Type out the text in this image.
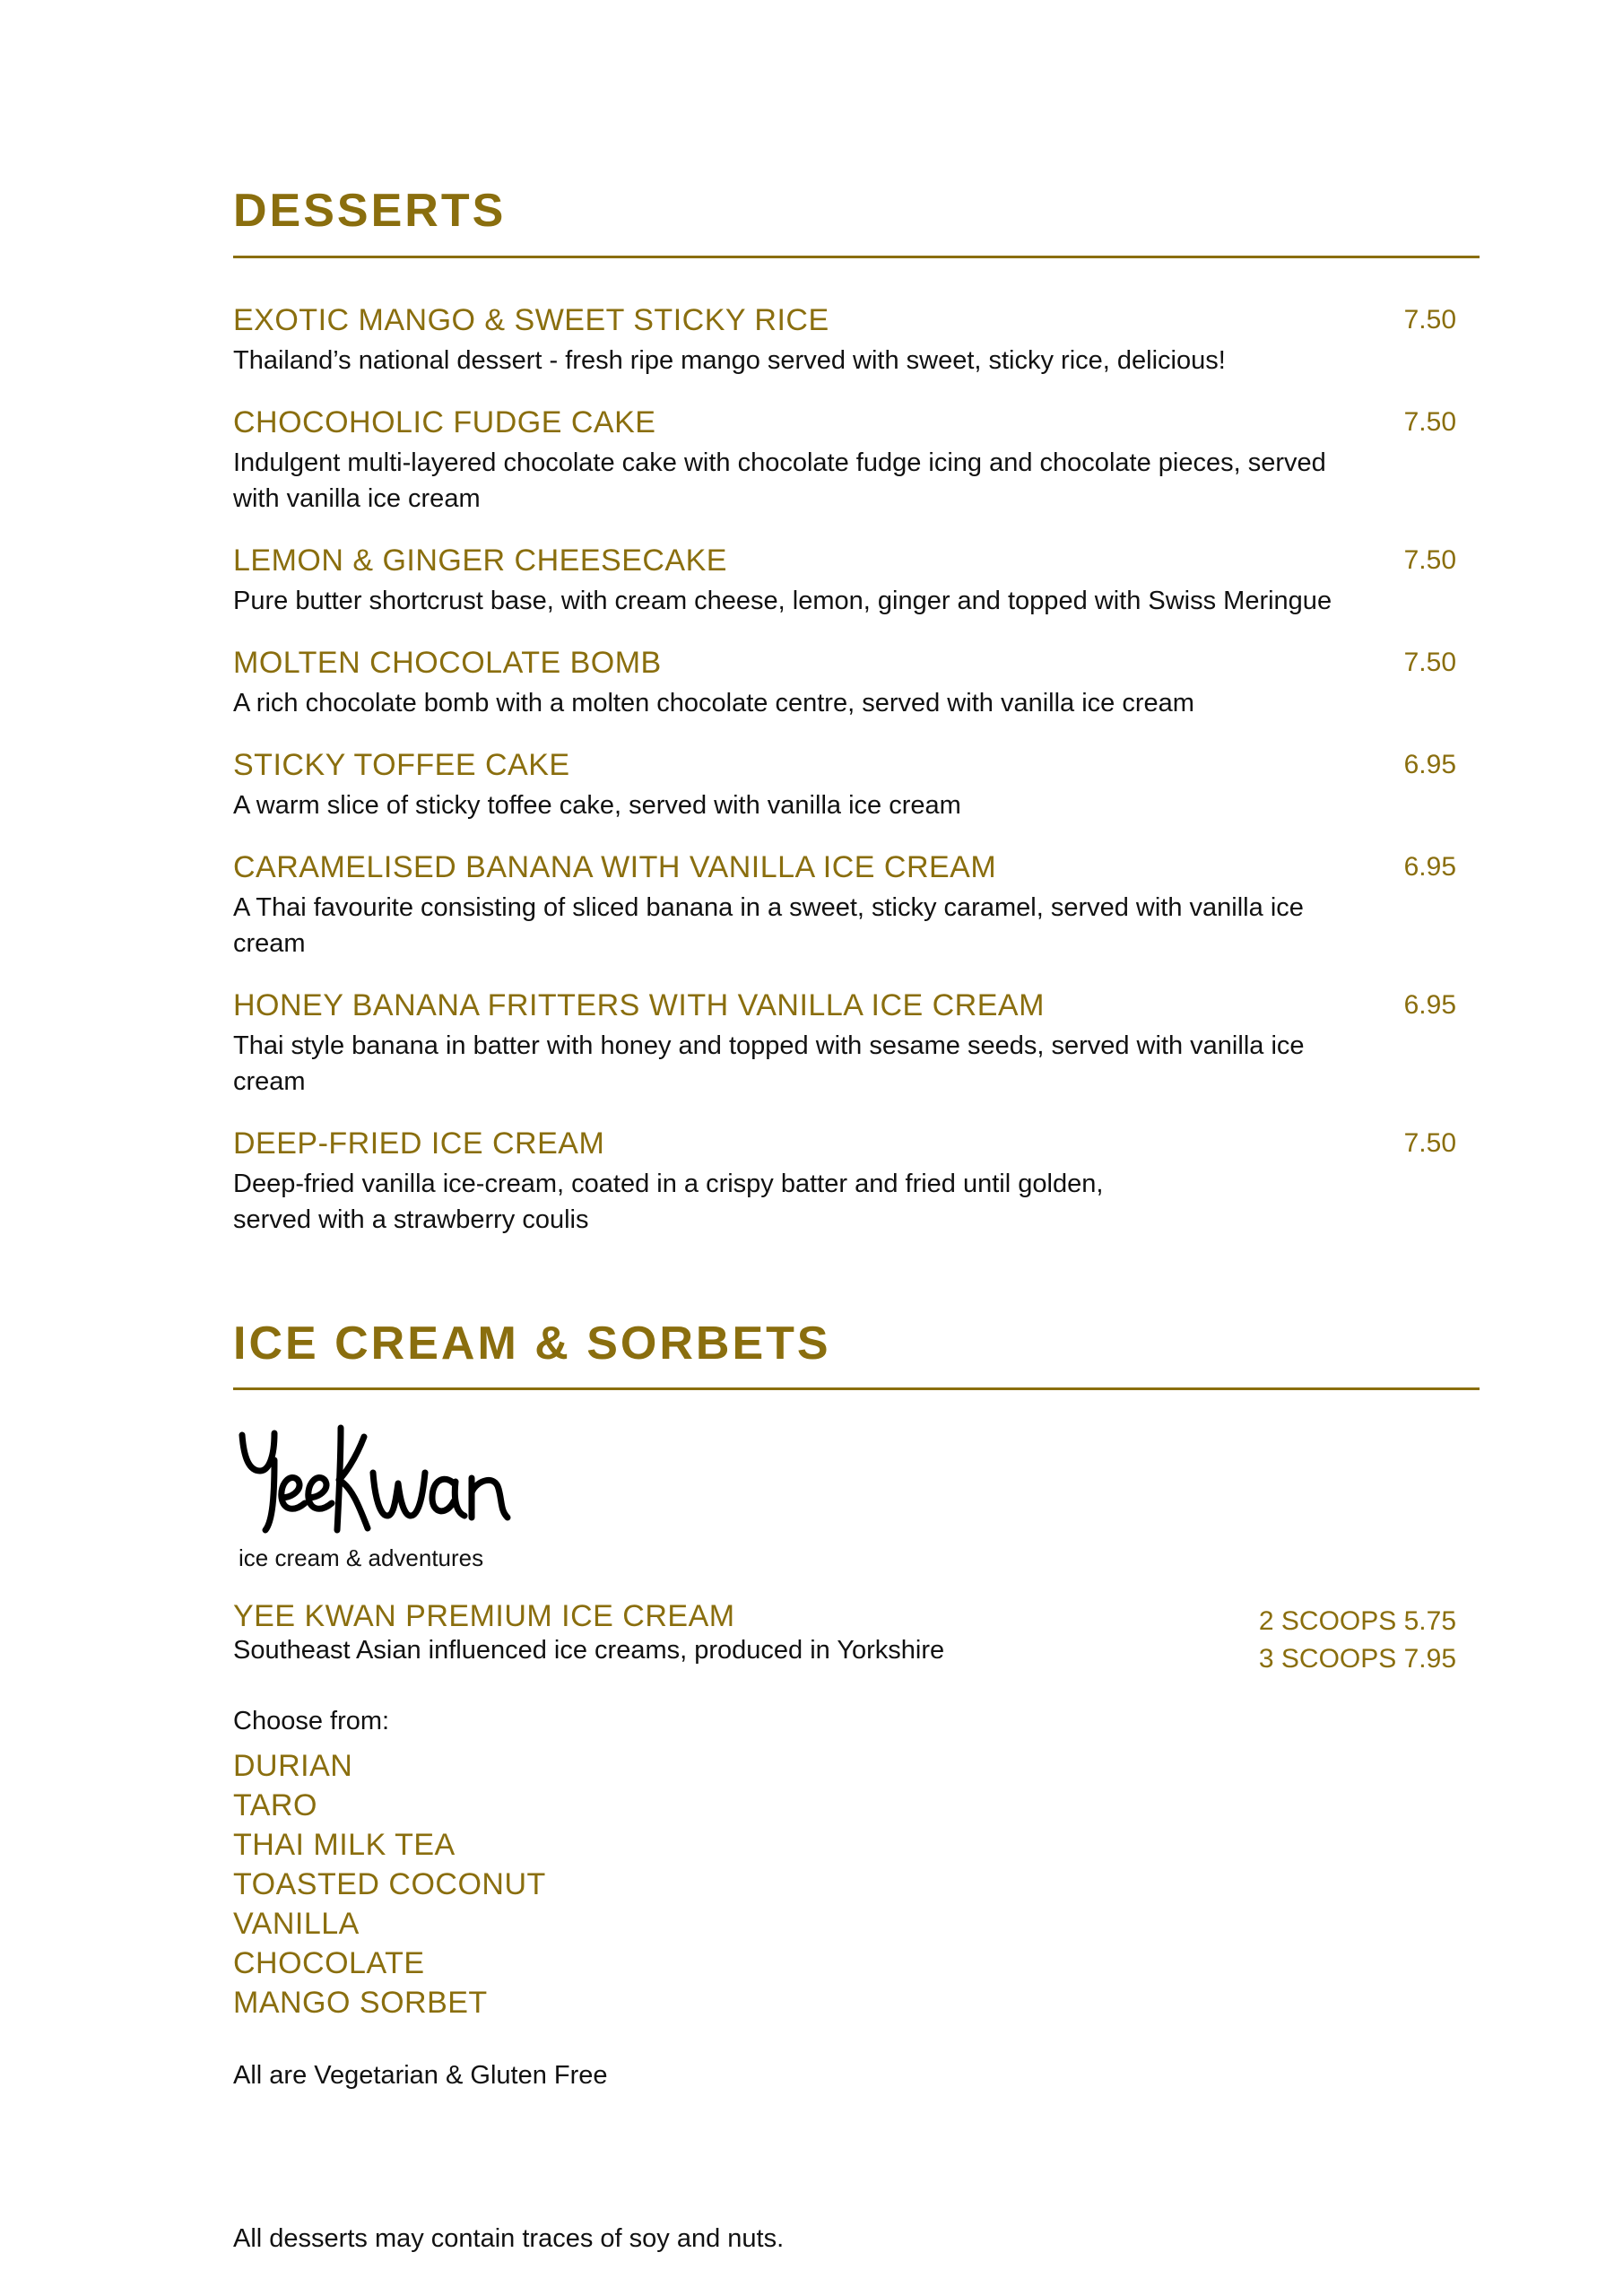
DESSERTS
EXOTIC MANGO & SWEET STICKY RICE	7.50

Thailand’s national dessert - fresh ripe mango served with sweet, sticky rice, delicious!

CHOCOHOLIC FUDGE CAKE	7.50

Indulgent multi-layered chocolate cake with chocolate fudge icing and chocolate pieces, served with vanilla ice cream

LEMON & GINGER CHEESECAKE	7.50

Pure butter shortcrust base, with cream cheese, lemon, ginger and topped with Swiss Meringue

MOLTEN CHOCOLATE BOMB	7.50

A rich chocolate bomb with a molten chocolate centre, served with vanilla ice cream

STICKY TOFFEE CAKE	6.95

A warm slice of sticky toffee cake, served with vanilla ice cream

CARAMELISED BANANA WITH VANILLA ICE CREAM	6.95

A Thai favourite consisting of sliced banana in a sweet, sticky caramel, served with vanilla ice cream

HONEY BANANA FRITTERS WITH VANILLA ICE CREAM	6.95

Thai style banana in batter with honey and topped with sesame seeds, served with vanilla ice cream

DEEP-FRIED ICE CREAM	7.50

Deep-fried vanilla ice-cream, coated in a crispy batter and fried until golden, served with a strawberry coulis

ICE CREAM & SORBETS
ice cream & adventures
YEE KWAN PREMIUM ICE CREAM
Southeast Asian influenced ice creams, produced in Yorkshire
2 SCOOPS 5.75
3 SCOOPS 7.95
Choose from:
DURIAN
TARO
THAI MILK TEA
TOASTED COCONUT
VANILLA
CHOCOLATE
MANGO SORBET
All are Vegetarian & Gluten Free
All desserts may contain traces of soy and nuts.
